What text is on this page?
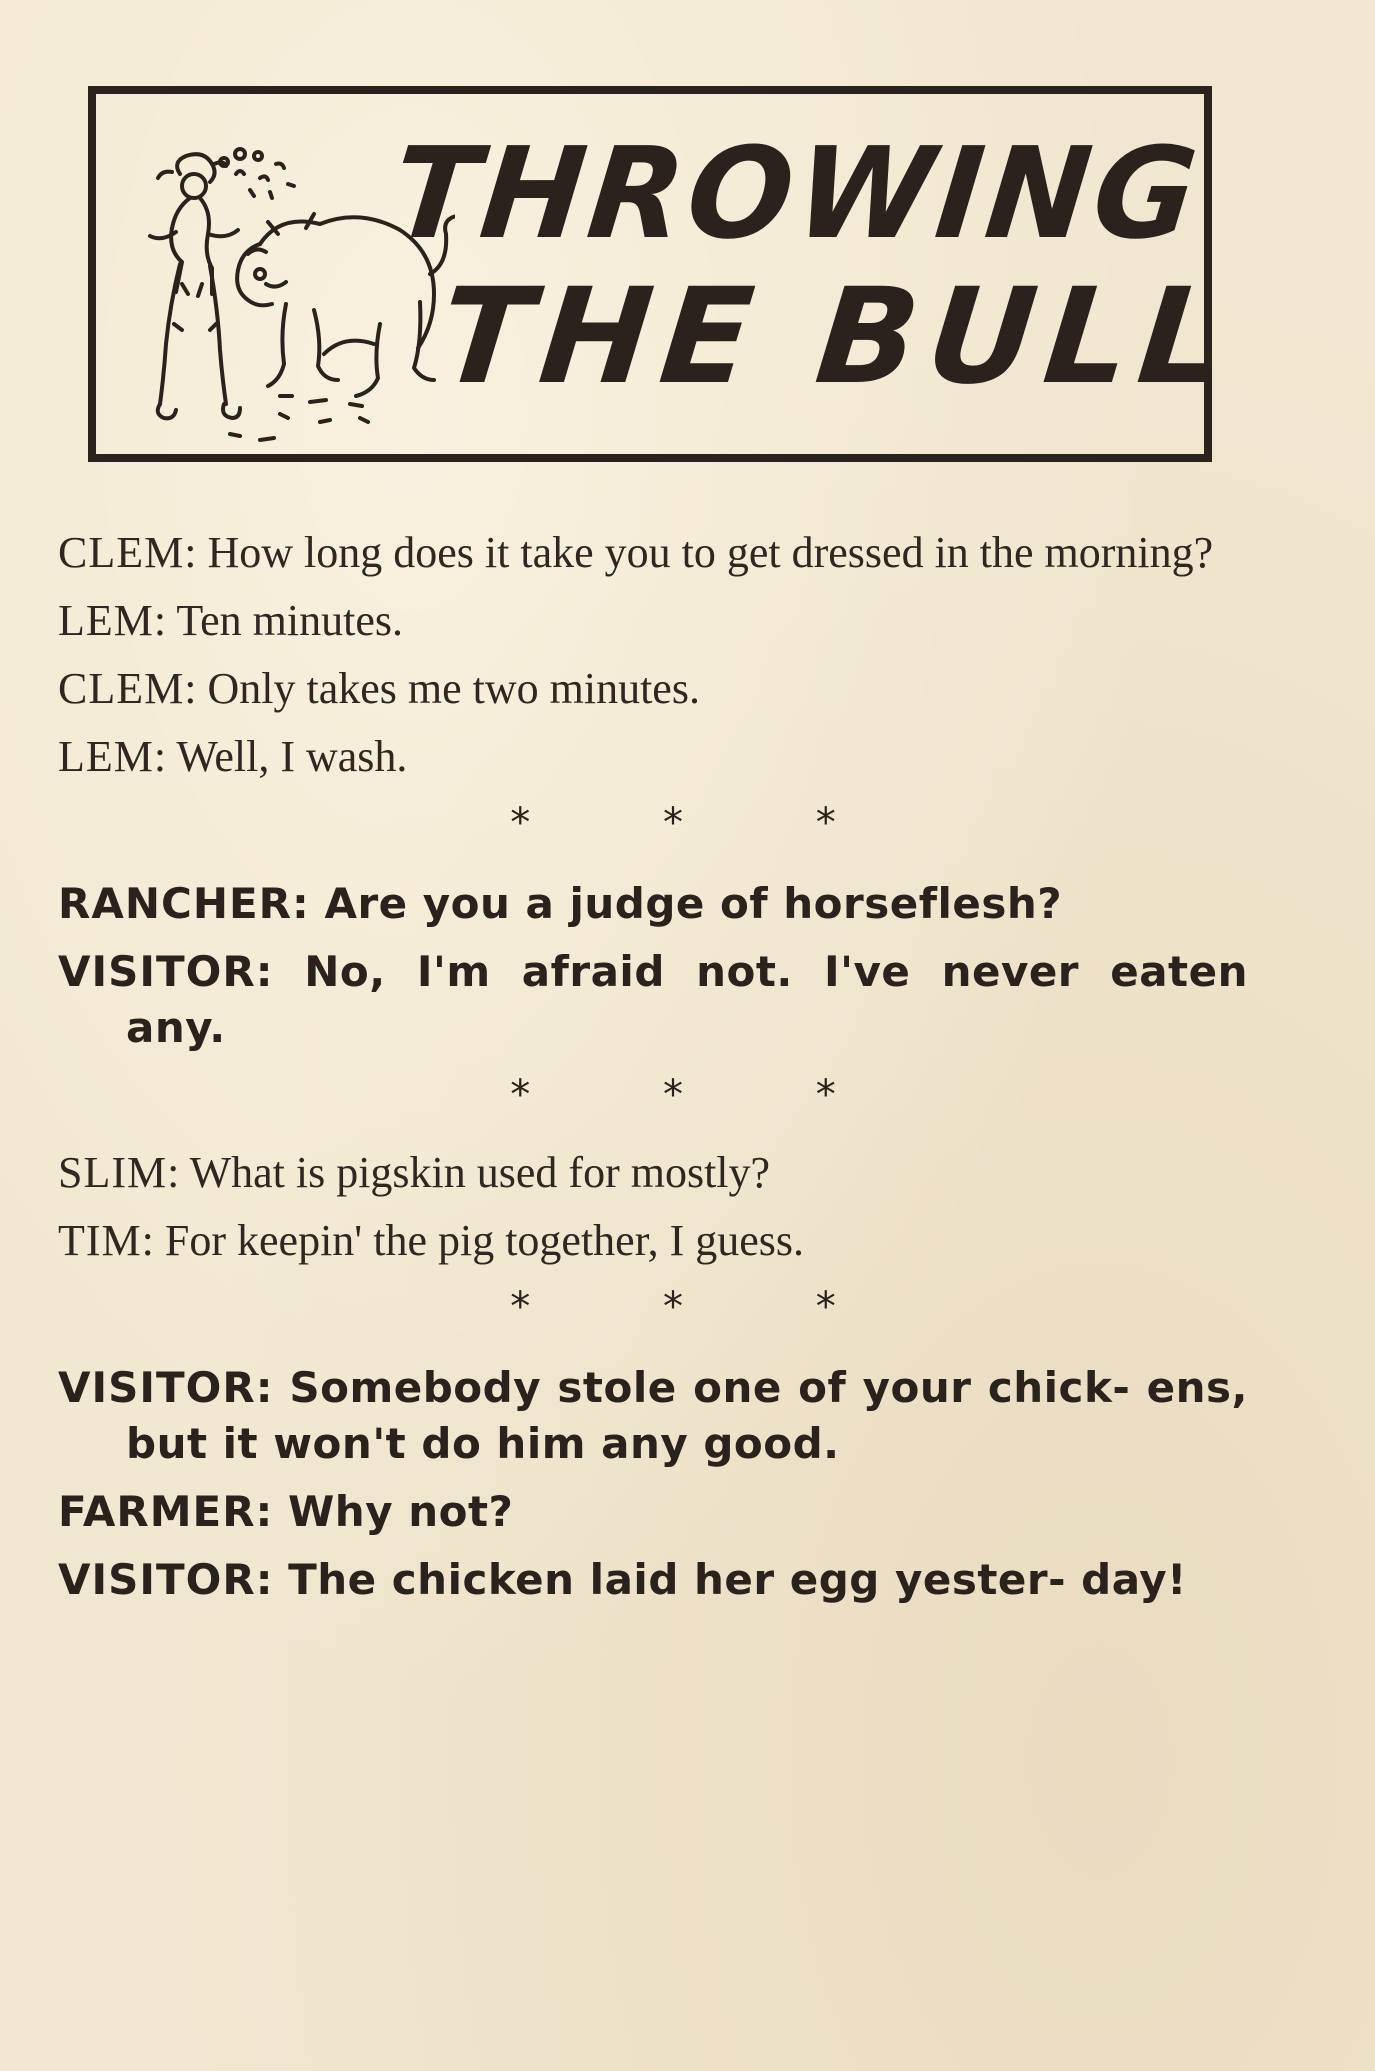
THROWING
THE BULL

CLEM: How long does it take you to get dressed in the morning?

LEM: Ten minutes.

CLEM: Only takes me two minutes.

LEM: Well, I wash.

* * *

RANCHER: Are you a judge of horseflesh?

VISITOR: No, I'm afraid not. I've never eaten any.

* * *

SLIM: What is pigskin used for mostly?

TIM: For keepin' the pig together, I guess.

* * *

VISITOR: Somebody stole one of your chick- ens, but it won't do him any good.

FARMER: Why not?

VISITOR: The chicken laid her egg yester- day!
